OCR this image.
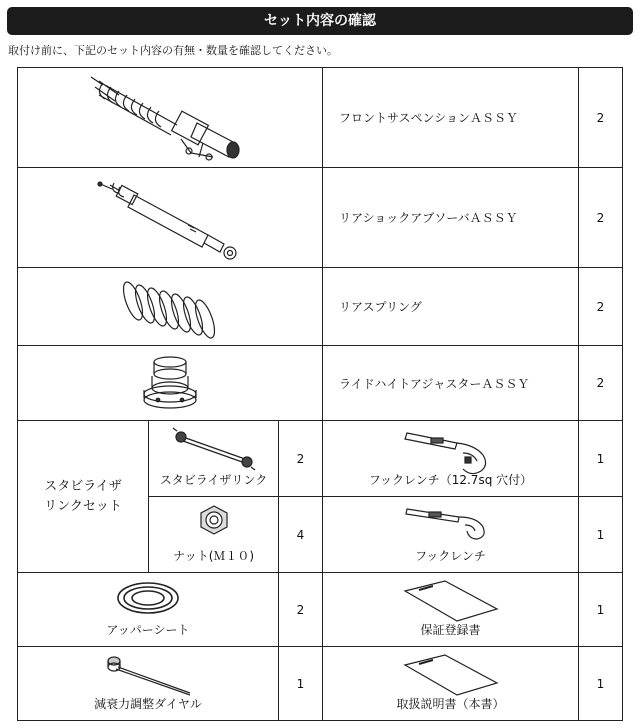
セット内容の確認
取付け前に、下記のセット内容の有無・数量を確認してください。
	フロントサスペンションＡＳＳＹ	2

	リアショックアブソーバＡＳＳＹ	2

	リアスプリング	2

	ライドハイトアジャスターＡＳＳＹ	2

スタビライザ
リンクセット	スタビライザリンク	2	フックレンチ（12.7sq 穴付）	1

	ナット(Ｍ１０)	4	フックレンチ	1

アッパーシート		2	保証登録書	1

減衰力調整ダイヤル		1	取扱説明書（本書）	1
